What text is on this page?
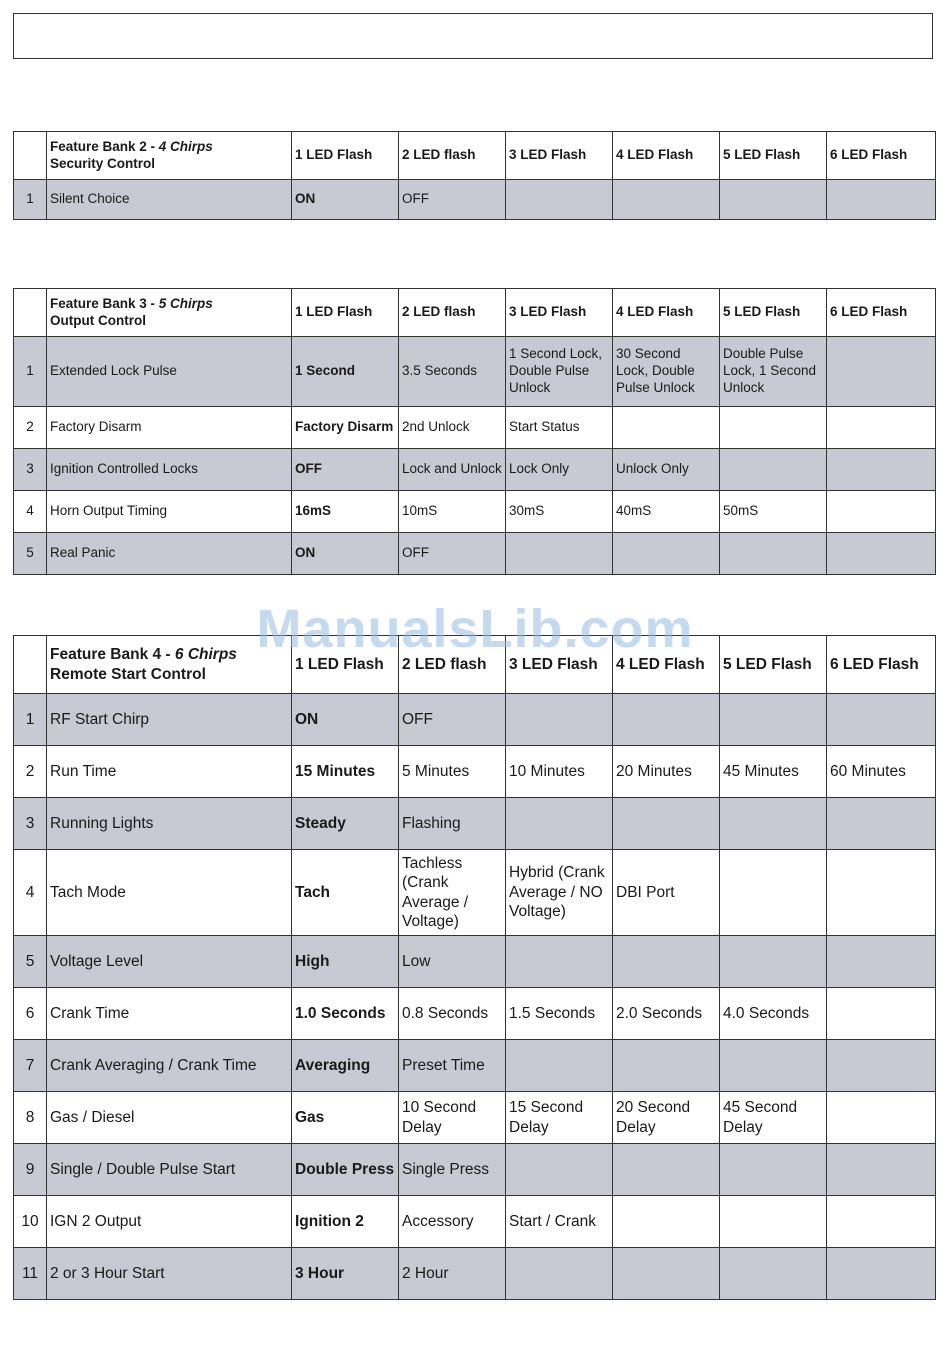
	Feature Bank 2 - 4 Chirps
Security Control	1 LED Flash	2 LED flash	3 LED Flash	4 LED Flash	5 LED Flash	6 LED Flash
1	Silent Choice	ON	OFF				
	Feature Bank 3 - 5 Chirps
Output Control	1 LED Flash	2 LED flash	3 LED Flash	4 LED Flash	5 LED Flash	6 LED Flash
1	Extended Lock Pulse	1 Second	3.5 Seconds	1 Second Lock, Double Pulse Unlock	30 Second Lock, Double Pulse Unlock	Double Pulse Lock, 1 Second Unlock	
2	Factory Disarm	Factory Disarm	2nd Unlock	Start Status			
3	Ignition Controlled Locks	OFF	Lock and Unlock	Lock Only	Unlock Only		
4	Horn Output Timing	16mS	10mS	30mS	40mS	50mS	
5	Real Panic	ON	OFF				
ManualsLib.com
	Feature Bank 4 - 6 Chirps
Remote Start Control	1 LED Flash	2 LED flash	3 LED Flash	4 LED Flash	5 LED Flash	6 LED Flash
1	RF Start Chirp	ON	OFF				
2	Run Time	15 Minutes	5 Minutes	10 Minutes	20 Minutes	45 Minutes	60 Minutes
3	Running Lights	Steady	Flashing				
4	Tach Mode	Tach	Tachless (Crank Average / Voltage)	Hybrid (Crank Average / NO Voltage)	DBI Port		
5	Voltage Level	High	Low				
6	Crank Time	1.0 Seconds	0.8 Seconds	1.5 Seconds	2.0 Seconds	4.0 Seconds	
7	Crank Averaging / Crank Time	Averaging	Preset Time				
8	Gas / Diesel	Gas	10 Second Delay	15 Second Delay	20 Second Delay	45 Second Delay	
9	Single / Double Pulse Start	Double Press	Single Press				
10	IGN 2 Output	Ignition 2	Accessory	Start / Crank			
11	2 or 3 Hour Start	3 Hour	2 Hour				
